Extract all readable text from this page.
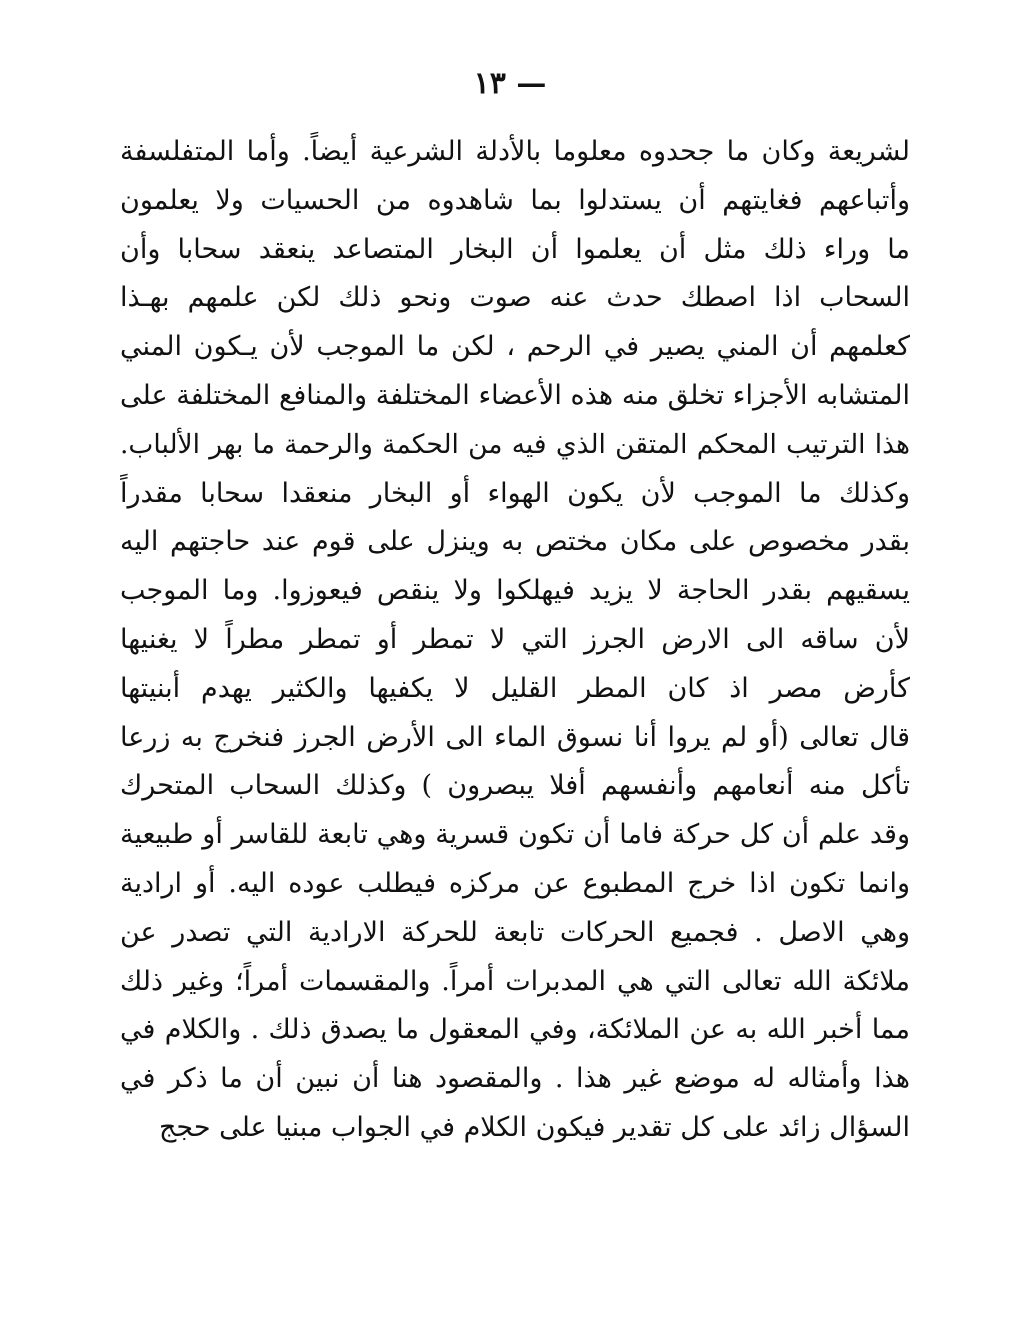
— ١٣
لشريعة وكان ما جحدوه معلوما بالأدلة الشرعية أيضاً. وأما المتفلسفة
وأتباعهم فغايتهم أن يستدلوا بما شاهدوه من الحسيات ولا يعلمون
ما وراء ذلك مثل أن يعلموا أن البخار المتصاعد ينعقد سحابا وأن
السحاب اذا اصطك حدث عنه صوت ونحو ذلك لكن علمهم بهـذا
كعلمهم أن المني يصير في الرحم ، لكن ما الموجب لأن يـكون المني
المتشابه الأجزاء تخلق منه هذه الأعضاء المختلفة والمنافع المختلفة على
هذا الترتيب المحكم المتقن الذي فيه من الحكمة والرحمة ما بهر الألباب.
وكذلك ما الموجب لأن يكون الهواء أو البخار منعقدا سحابا مقدراً
بقدر مخصوص على مكان مختص به وينزل على قوم عند حاجتهم اليه
يسقيهم بقدر الحاجة لا يزيد فيهلكوا ولا ينقص فيعوزوا. وما الموجب
لأن ساقه الى الارض الجرز التي لا تمطر أو تمطر مطراً لا يغنيها
كأرض مصر اذ كان المطر القليل لا يكفيها والكثير يهدم أبنيتها
قال تعالى (أو لم يروا أنا نسوق الماء الى الأرض الجرز فنخرج به زرعا
تأكل منه أنعامهم وأنفسهم أفلا يبصرون ) وكذلك السحاب المتحرك
وقد علم أن كل حركة فاما أن تكون قسرية وهي تابعة للقاسر أو طبيعية
وانما تكون اذا خرج المطبوع عن مركزه فيطلب عوده اليه. أو ارادية
وهي الاصل . فجميع الحركات تابعة للحركة الارادية التي تصدر عن
ملائكة الله تعالى التي هي المدبرات أمراً. والمقسمات أمراً؛ وغير ذلك
مما أخبر الله به عن الملائكة، وفي المعقول ما يصدق ذلك . والكلام في
هذا وأمثاله له موضع غير هذا . والمقصود هنا أن نبين أن ما ذكر في
السؤال زائد على كل تقدير فيكون الكلام في الجواب مبنيا على حجج
